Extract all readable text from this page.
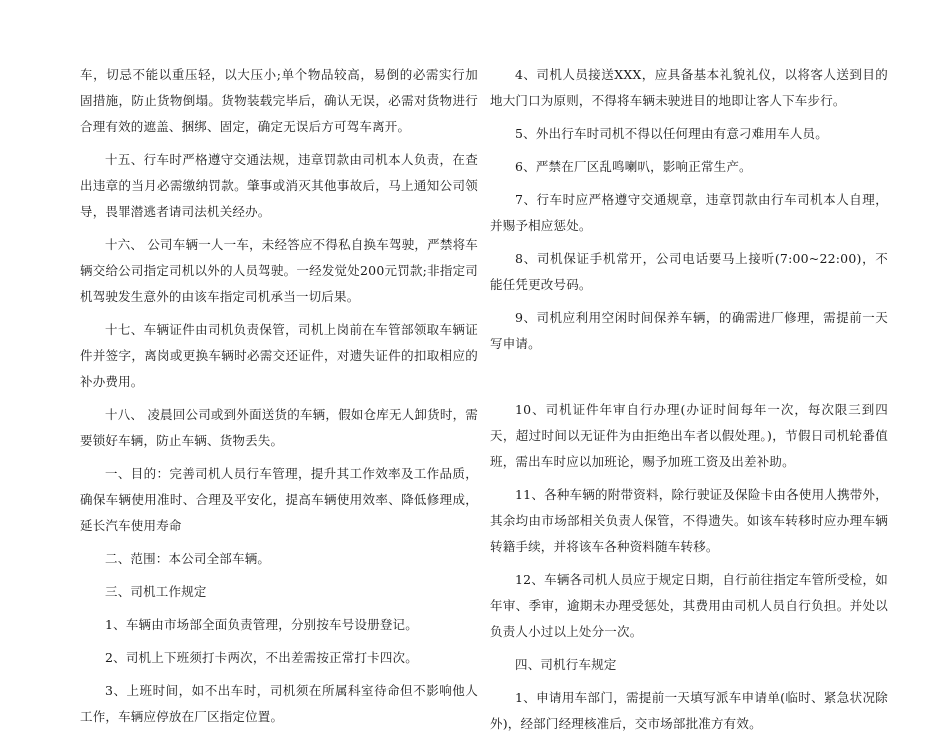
车，切忌不能以重压轻，以大压小;单个物品较高，易倒的必需实行加固措施，防止货物倒塌。货物装载完毕后，确认无误，必需对货物进行合理有效的遮盖、捆绑、固定，确定无误后方可驾车离开。

十五、行车时严格遵守交通法规，违章罚款由司机本人负责，在查出违章的当月必需缴纳罚款。肇事或消灭其他事故后，马上通知公司领导，畏罪潜逃者请司法机关经办。

十六、 公司车辆一人一车，未经答应不得私自换车驾驶，严禁将车辆交给公司指定司机以外的人员驾驶。一经发觉处200元罚款;非指定司机驾驶发生意外的由该车指定司机承当一切后果。

十七、车辆证件由司机负责保管，司机上岗前在车管部领取车辆证件并签字，离岗或更换车辆时必需交还证件，对遗失证件的扣取相应的补办费用。

十八、 凌晨回公司或到外面送货的车辆，假如仓库无人卸货时，需要锁好车辆，防止车辆、货物丢失。

一、目的：完善司机人员行车管理，提升其工作效率及工作品质，确保车辆使用准时、合理及平安化，提高车辆使用效率、降低修理成，延长汽车使用寿命

二、范围：本公司全部车辆。

三、司机工作规定

1、车辆由市场部全面负责管理，分别按车号设册登记。

2、司机上下班须打卡两次，不出差需按正常打卡四次。

3、上班时间，如不出车时，司机须在所属科室待命但不影响他人工作，车辆应停放在厂区指定位置。

4、司机人员接送XXX，应具备基本礼貌礼仪，以将客人送到目的地大门口为原则，不得将车辆未驶进目的地即让客人下车步行。

5、外出行车时司机不得以任何理由有意刁难用车人员。

6、严禁在厂区乱鸣喇叭，影响正常生产。

7、行车时应严格遵守交通规章，违章罚款由行车司机本人自理，并赐予相应惩处。

8、司机保证手机常开，公司电话要马上接听(7:00~22:00)，不能任凭更改号码。

9、司机应利用空闲时间保养车辆，的确需进厂修理，需提前一天写申请。

10、司机证件年审自行办理(办证时间每年一次，每次限三到四天，超过时间以无证件为由拒绝出车者以假处理。)，节假日司机轮番值班，需出车时应以加班论，赐予加班工资及出差补助。

11、各种车辆的附带资料，除行驶证及保险卡由各使用人携带外，其余均由市场部相关负责人保管，不得遗失。如该车转移时应办理车辆转籍手续，并将该车各种资料随车转移。

12、车辆各司机人员应于规定日期，自行前往指定车管所受检，如年审、季审，逾期未办理受惩处，其费用由司机人员自行负担。并处以负责人小过以上处分一次。

四、司机行车规定

1、申请用车部门，需提前一天填写派车申请单(临时、紧急状况除外)，经部门经理核准后，交市场部批准方有效。
